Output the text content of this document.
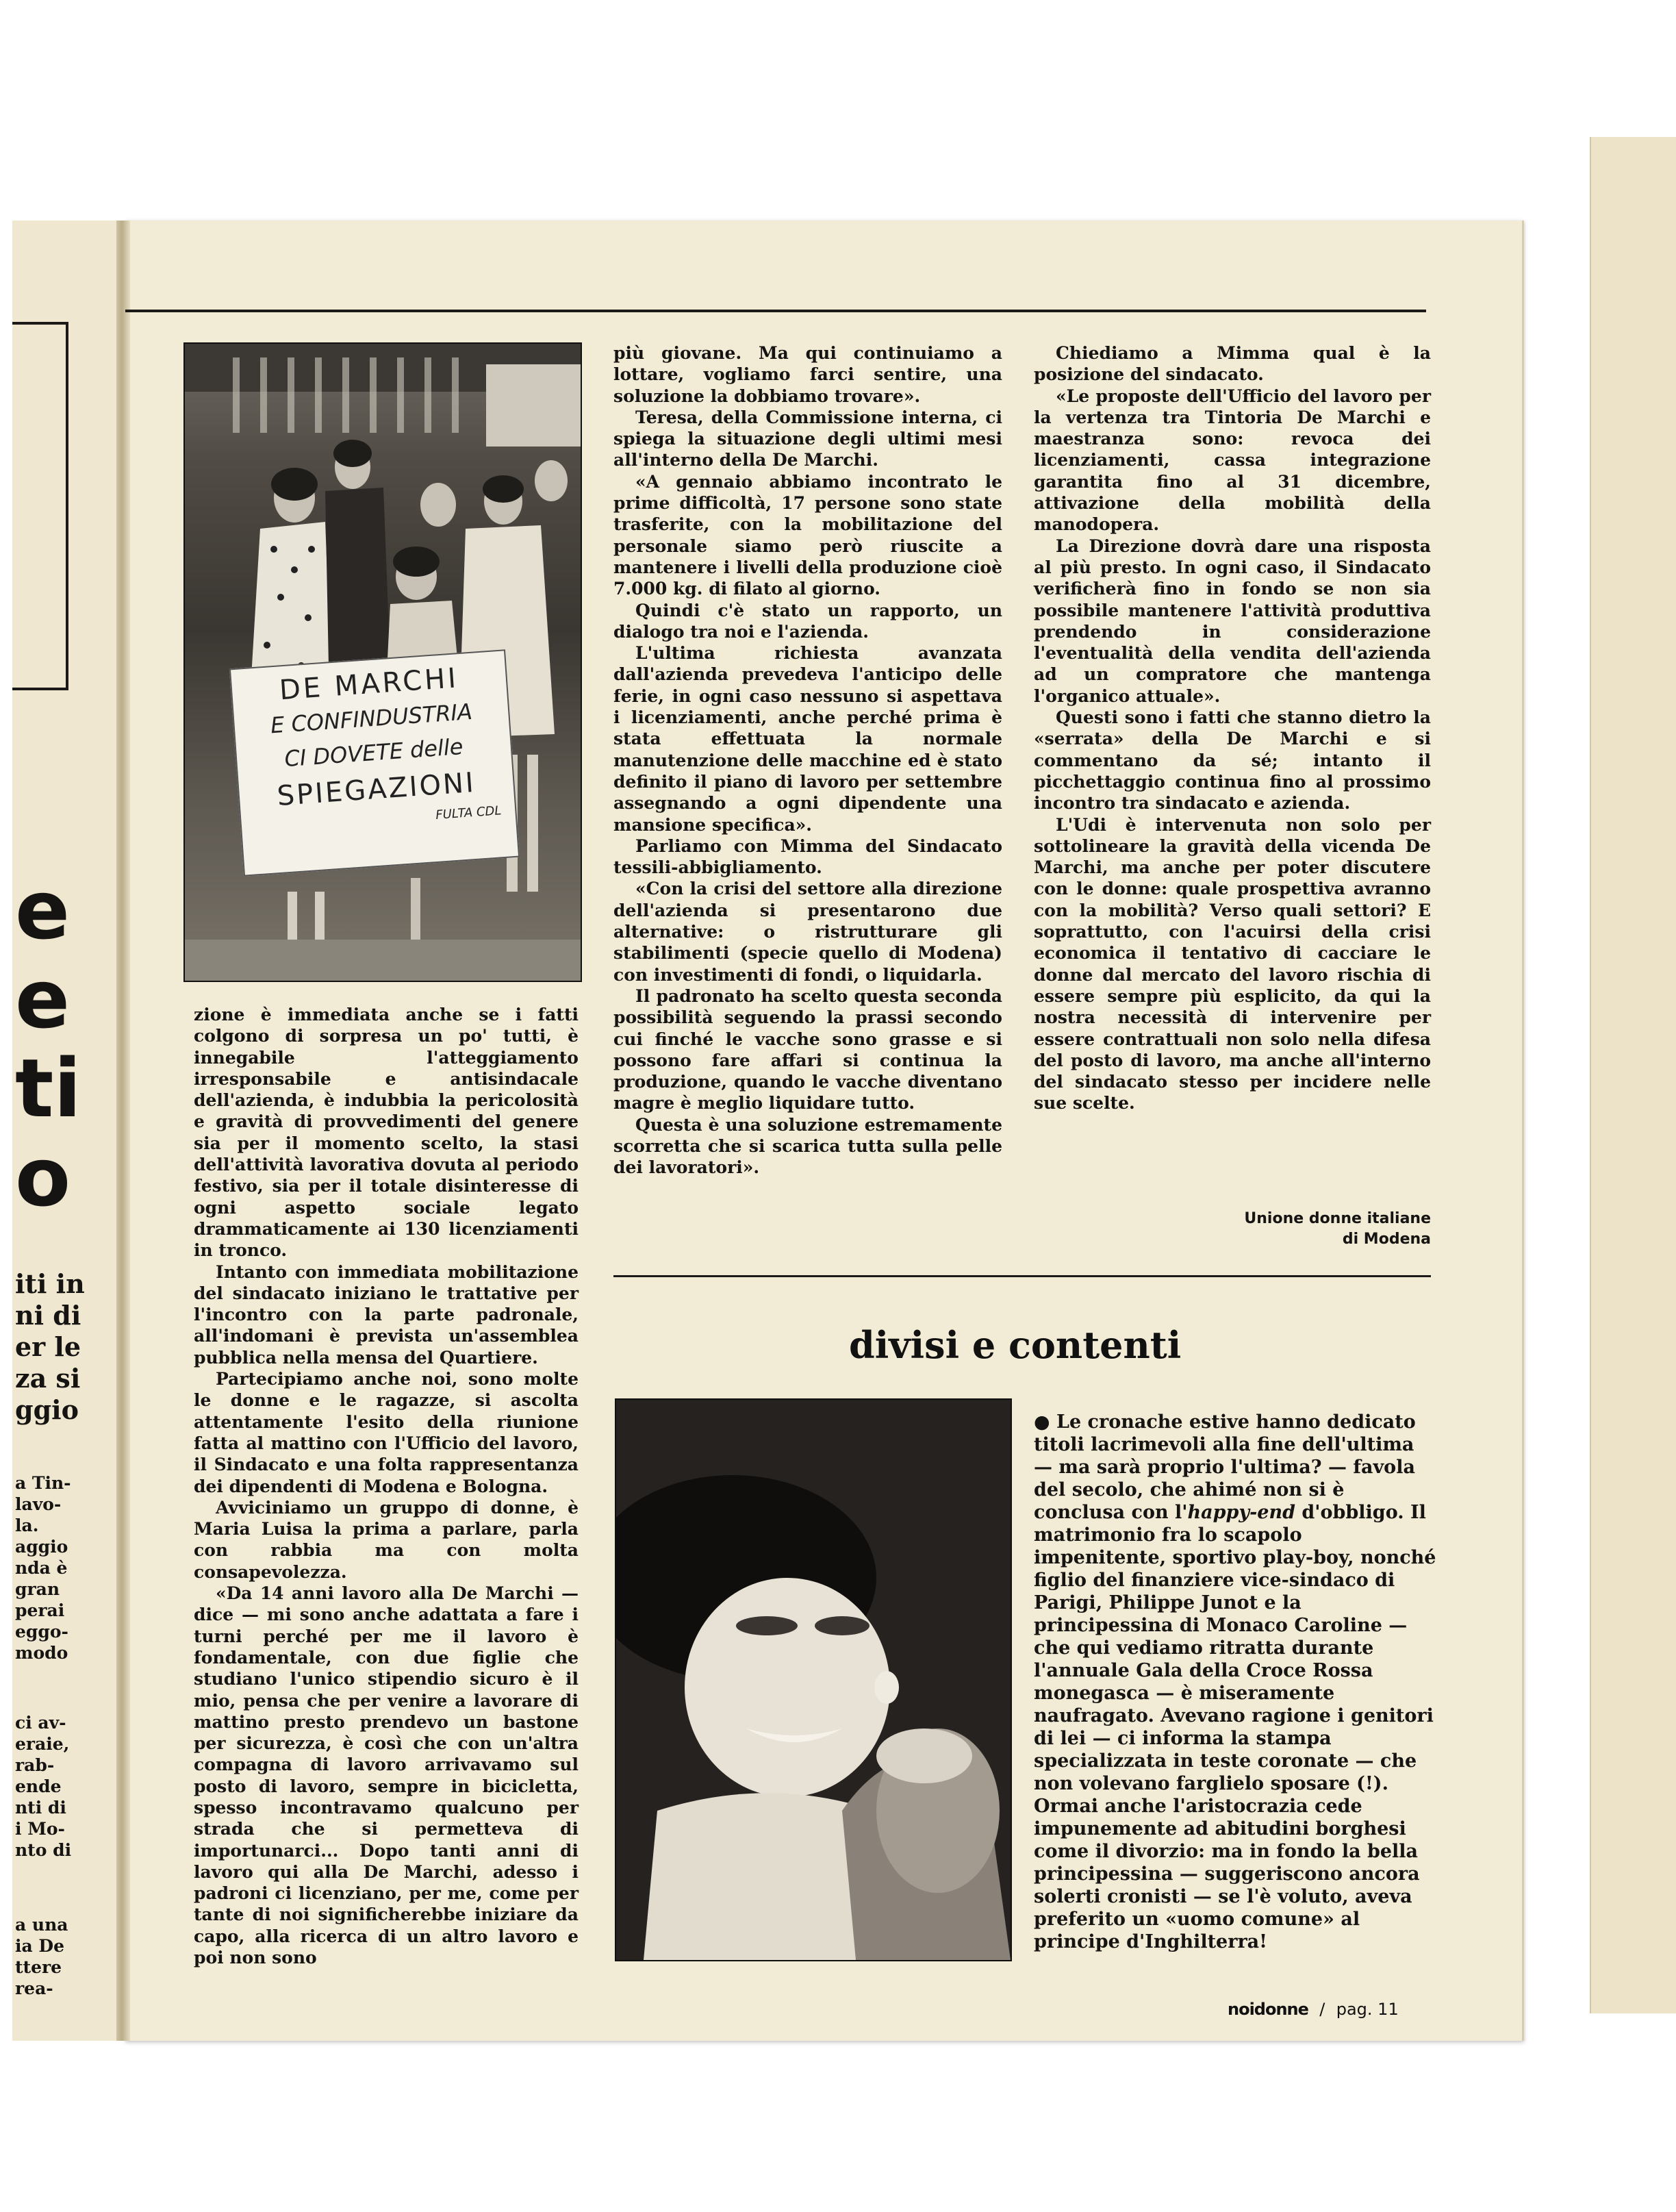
e
e
ti
o
iti in
ni di
er le
za si
ggio
a Tin-
lavo-
la.
aggio
nda è
gran
perai
eggo-
modo
ci av-
eraie,
rab-
ende
nti di
i Mo-
nto di
a una
ia De
ttere
rea-
DE MARCHI
E CONFINDUSTRIA
CI DOVETE delle
SPIEGAZIONI
FULTA CDL

zione è immediata anche se i fatti colgono di sorpresa un po' tutti, è innegabile l'atteggiamento irresponsabile e antisindacale dell'azienda, è indubbia la pericolosità e gravità di provvedimenti del genere sia per il momento scelto, la stasi dell'attività lavorativa dovuta al periodo festivo, sia per il totale disinteresse di ogni aspetto sociale legato drammaticamente ai 130 licenziamenti in tronco.

Intanto con immediata mobilitazione del sindacato iniziano le trattative per l'incontro con la parte padronale, all'indomani è prevista un'assemblea pubblica nella mensa del Quartiere.

Partecipiamo anche noi, sono molte le donne e le ragazze, si ascolta attentamente l'esito della riunione fatta al mattino con l'Ufficio del lavoro, il Sindacato e una folta rappresentanza dei dipendenti di Modena e Bologna.

Avviciniamo un gruppo di donne, è Maria Luisa la prima a parlare, parla con rabbia ma con molta consapevolezza.

«Da 14 anni lavoro alla De Marchi — dice — mi sono anche adattata a fare i turni perché per me il lavoro è fondamentale, con due figlie che studiano l'unico stipendio sicuro è il mio, pensa che per venire a lavorare di mattino presto prendevo un bastone per sicurezza, è così che con un'altra compagna di lavoro arrivavamo sul posto di lavoro, sempre in bicicletta, spesso incontravamo qualcuno per strada che si permetteva di importunarci... Dopo tanti anni di lavoro qui alla De Marchi, adesso i padroni ci licenziano, per me, come per tante di noi significherebbe iniziare da capo, alla ricerca di un altro lavoro e poi non sono

più giovane. Ma qui continuiamo a lottare, vogliamo farci sentire, una soluzione la dobbiamo trovare».

Teresa, della Commissione interna, ci spiega la situazione degli ultimi mesi all'interno della De Marchi.

«A gennaio abbiamo incontrato le prime difficoltà, 17 persone sono state trasferite, con la mobilitazione del personale siamo però riuscite a mantenere i livelli della produzione cioè 7.000 kg. di filato al giorno.

Quindi c'è stato un rapporto, un dialogo tra noi e l'azienda.

L'ultima richiesta avanzata dall'azienda prevedeva l'anticipo delle ferie, in ogni caso nessuno si aspettava i licenziamenti, anche perché prima è stata effettuata la normale manutenzione delle macchine ed è stato definito il piano di lavoro per settembre assegnando a ogni dipendente una mansione specifica».

Parliamo con Mimma del Sindacato tessili-abbigliamento.

«Con la crisi del settore alla direzione dell'azienda si presentarono due alternative: o ristrutturare gli stabilimenti (specie quello di Modena) con investimenti di fondi, o liquidarla.

Il padronato ha scelto questa seconda possibilità seguendo la prassi secondo cui finché le vacche sono grasse e si possono fare affari si continua la produzione, quando le vacche diventano magre è meglio liquidare tutto.

Questa è una soluzione estremamente scorretta che si scarica tutta sulla pelle dei lavoratori».

Chiediamo a Mimma qual è la posizione del sindacato.

«Le proposte dell'Ufficio del lavoro per la vertenza tra Tintoria De Marchi e maestranza sono: revoca dei licenziamenti, cassa integrazione garantita fino al 31 dicembre, attivazione della mobilità della manodopera.

La Direzione dovrà dare una risposta al più presto. In ogni caso, il Sindacato verificherà fino in fondo se non sia possibile mantenere l'attività produttiva prendendo in considerazione l'eventualità della vendita dell'azienda ad un compratore che mantenga l'organico attuale».

Questi sono i fatti che stanno dietro la «serrata» della De Marchi e si commentano da sé; intanto il picchettaggio continua fino al prossimo incontro tra sindacato e azienda.

L'Udi è intervenuta non solo per sottolineare la gravità della vicenda De Marchi, ma anche per poter discutere con le donne: quale prospettiva avranno con la mobilità? Verso quali settori? E soprattutto, con l'acuirsi della crisi economica il tentativo di cacciare le donne dal mercato del lavoro rischia di essere sempre più esplicito, da qui la nostra necessità di intervenire per essere contrattuali non solo nella difesa del posto di lavoro, ma anche all'interno del sindacato stesso per incidere nelle sue scelte.

Unione donne italiane
di Modena
divisi e contenti
● Le cronache estive hanno dedicato titoli lacrimevoli alla fine dell'ultima — ma sarà proprio l'ultima? — favola del secolo, che ahimé non si è conclusa con l'happy-end d'obbligo. Il matrimonio fra lo scapolo impenitente, sportivo play-boy, nonché figlio del finanziere vice-sindaco di Parigi, Philippe Junot e la principessina di Monaco Caroline — che qui vediamo ritratta durante l'annuale Gala della Croce Rossa monegasca — è miseramente naufragato. Avevano ragione i genitori di lei — ci informa la stampa specializzata in teste coronate — che non volevano farglielo sposare (!). Ormai anche l'aristocrazia cede impunemente ad abitudini borghesi come il divorzio: ma in fondo la bella principessina — suggeriscono ancora solerti cronisti — se l'è voluto, aveva preferito un «uomo comune» al principe d'Inghilterra!
noidonne / pag. 11
